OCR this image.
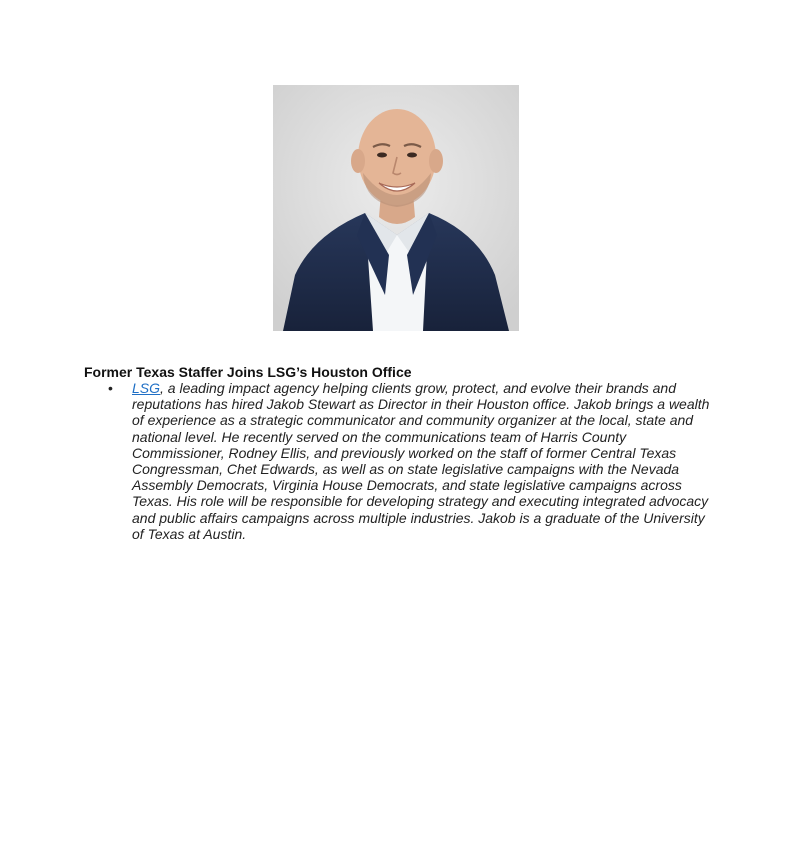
Former Texas Staffer Joins LSG’s Houston Office
• LSG, a leading impact agency helping clients grow, protect, and evolve their brands and reputations has hired Jakob Stewart as Director in their Houston office. Jakob brings a wealth of experience as a strategic communicator and community organizer at the local, state and national level. He recently served on the communications team of Harris County Commissioner, Rodney Ellis, and previously worked on the staff of former Central Texas Congressman, Chet Edwards, as well as on state legislative campaigns with the Nevada Assembly Democrats, Virginia House Democrats, and state legislative campaigns across Texas. His role will be responsible for developing strategy and executing integrated advocacy and public affairs campaigns across multiple industries. Jakob is a graduate of the University of Texas at Austin.
